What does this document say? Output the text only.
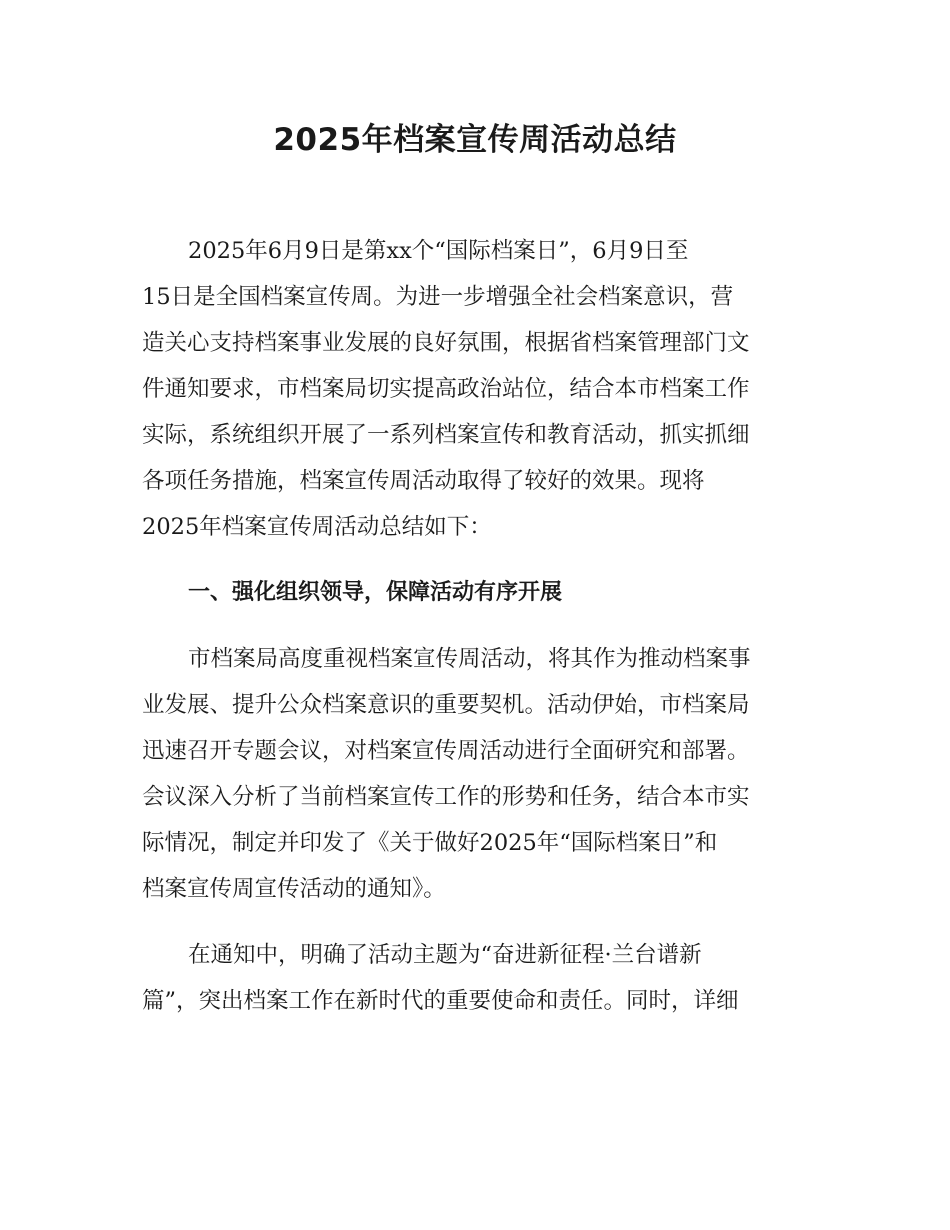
2025年档案宣传周活动总结
2025年6月9日是第xx个“国际档案日”，6月9日至
15日是全国档案宣传周。为进一步增强全社会档案意识，营
造关心支持档案事业发展的良好氛围，根据省档案管理部门文
件通知要求，市档案局切实提高政治站位，结合本市档案工作
实际，系统组织开展了一系列档案宣传和教育活动，抓实抓细
各项任务措施，档案宣传周活动取得了较好的效果。现将
2025年档案宣传周活动总结如下：
一、强化组织领导，保障活动有序开展
市档案局高度重视档案宣传周活动，将其作为推动档案事
业发展、提升公众档案意识的重要契机。活动伊始，市档案局
迅速召开专题会议，对档案宣传周活动进行全面研究和部署。
会议深入分析了当前档案宣传工作的形势和任务，结合本市实
际情况，制定并印发了《关于做好2025年“国际档案日”和
档案宣传周宣传活动的通知》。
在通知中，明确了活动主题为“奋进新征程·兰台谱新
篇”，突出档案工作在新时代的重要使命和责任。同时，详细
